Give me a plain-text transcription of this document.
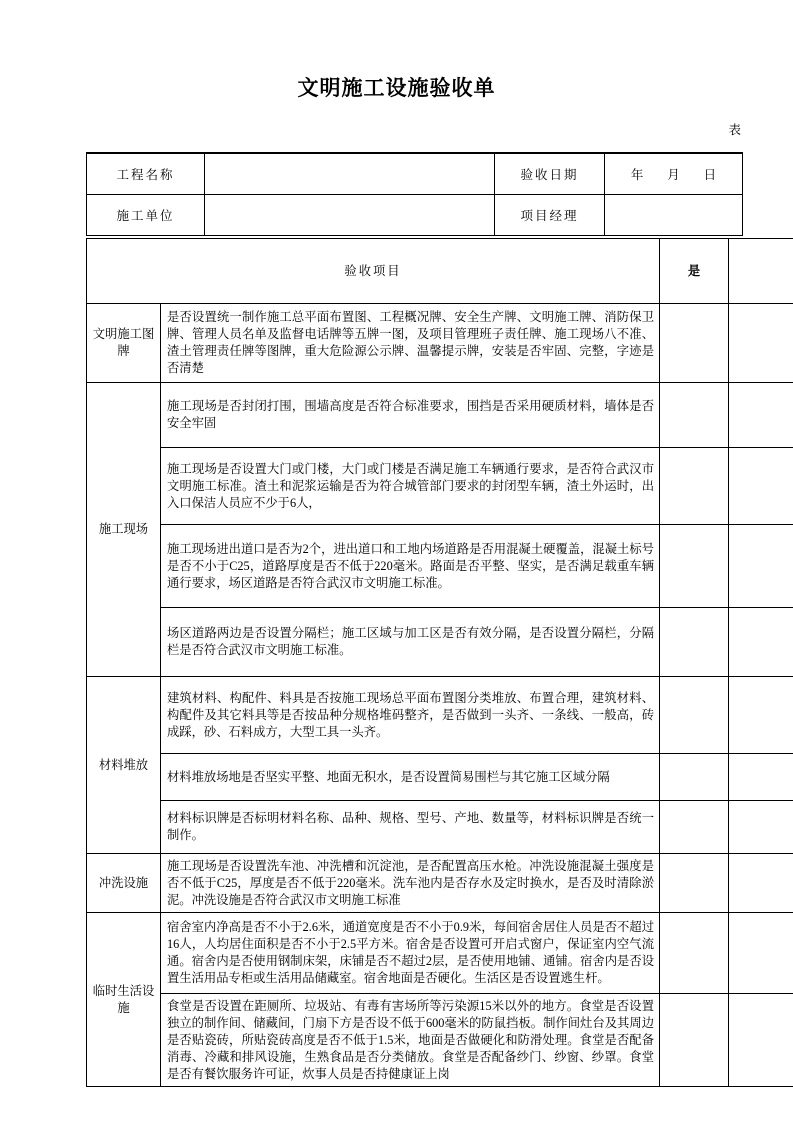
文明施工设施验收单
表
工程名称		验收日期	年 月 日

施工单位		项目经理	
验收项目		是	
文明施工图牌	是否设置统一制作施工总平面布置图、工程概况牌、安全生产牌、文明施工牌、消防保卫牌、管理人员名单及监督电话牌等五牌一图，及项目管理班子责任牌、施工现场八不准、渣土管理责任牌等图牌，重大危险源公示牌、温馨提示牌，安装是否牢固、完整，字迹是否清楚		
施工现场	施工现场是否封闭打围，围墙高度是否符合标准要求，围挡是否采用硬质材料，墙体是否安全牢固		
	施工现场是否设置大门或门楼，大门或门楼是否满足施工车辆通行要求，是否符合武汉市文明施工标准。渣土和泥浆运输是否为符合城管部门要求的封闭型车辆，渣土外运时，出入口保洁人员应不少于6人，		
	施工现场进出道口是否为2个，进出道口和工地内场道路是否用混凝土硬覆盖，混凝土标号是否不小于C25，道路厚度是否不低于220毫米。路面是否平整、坚实，是否满足载重车辆通行要求，场区道路是否符合武汉市文明施工标准。		
	场区道路两边是否设置分隔栏；施工区域与加工区是否有效分隔，是否设置分隔栏，分隔栏是否符合武汉市文明施工标准。		
材料堆放	建筑材料、构配件、料具是否按施工现场总平面布置图分类堆放、布置合理，建筑材料、构配件及其它料具等是否按品种分规格堆码整齐，是否做到一头齐、一条线、一般高，砖成踩，砂、石料成方，大型工具一头齐。		
	材料堆放场地是否坚实平整、地面无积水，是否设置简易围栏与其它施工区域分隔		
	材料标识牌是否标明材料名称、品种、规格、型号、产地、数量等，材料标识牌是否统一制作。		
冲洗设施	施工现场是否设置洗车池、冲洗槽和沉淀池，是否配置高压水枪。冲洗设施混凝土强度是否不低于C25，厚度是否不低于220毫米。洗车池内是否存水及定时换水，是否及时清除淤泥。冲洗设施是否符合武汉市文明施工标准		
临时生活设施	宿舍室内净高是否不小于2.6米，通道宽度是否不小于0.9米，每间宿舍居住人员是否不超过16人，人均居住面积是否不小于2.5平方米。宿舍是否设置可开启式窗户，保证室内空气流通。宿舍内是否使用钢制床架，床铺是否不超过2层，是否使用地铺、通铺。宿舍内是否设置生活用品专柜或生活用品储藏室。宿舍地面是否硬化。生活区是否设置逃生杆。		
	食堂是否设置在距厕所、垃圾站、有毒有害场所等污染源15米以外的地方。食堂是否设置独立的制作间、储藏间，门扇下方是否设不低于600毫米的防鼠挡板。制作间灶台及其周边是否贴瓷砖，所贴瓷砖高度是否不低于1.5米，地面是否做硬化和防滑处理。食堂是否配备消毒、冷藏和排风设施，生熟食品是否分类储放。食堂是否配备纱门、纱窗、纱罩。食堂是否有餐饮服务许可证，炊事人员是否持健康证上岗		
